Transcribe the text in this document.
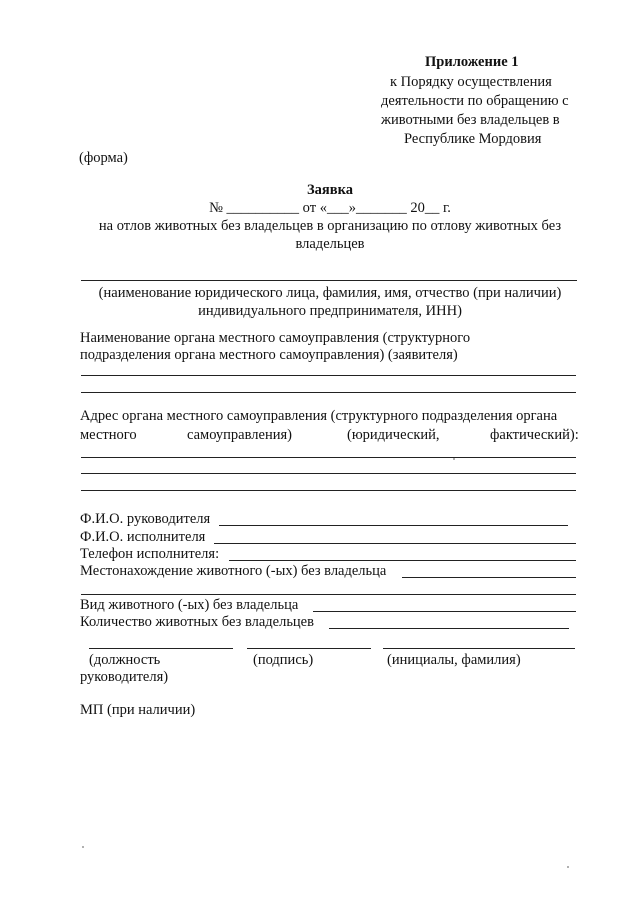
Приложение 1
к Порядку осуществления
деятельности по обращению с
животными без владельцев в
Республике Мордовия
(форма)
Заявка
№ __________ от «___»_______ 20__ г.
на отлов животных без владельцев в организацию по отлову животных без
владельцев
(наименование юридического лица, фамилия, имя, отчество (при наличии)
индивидуального предпринимателя, ИНН)
Наименование органа местного самоуправления (структурного
подразделения органа местного самоуправления) (заявителя)
Адрес органа местного самоуправления (структурного подразделения органа
местного	самоуправления)	(юридический,	фактический):
Ф.И.О. руководителя
Ф.И.О. исполнителя
Телефон исполнителя:
Местонахождение животного (-ых) без владельца
Вид животного (-ых) без владельца
Количество животных без владельцев
(должность
руководителя)
(подпись)	(инициалы, фамилия)
МП (при наличии)
